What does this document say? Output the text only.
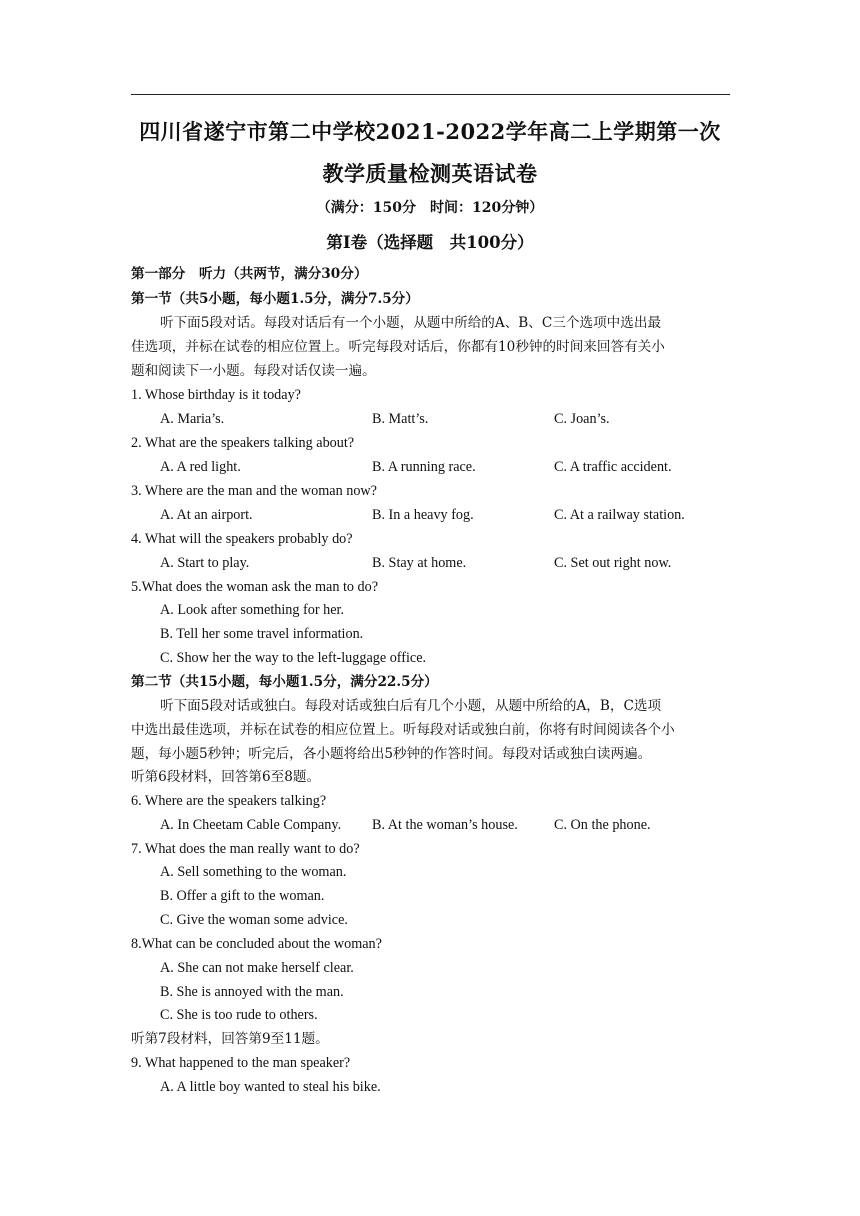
四川省遂宁市第二中学校2021-2022学年高二上学期第一次
教学质量检测英语试卷
（满分：150分　时间：120分钟）
第Ⅰ卷（选择题　共100分）
第一部分　听力（共两节，满分30分）
第一节（共5小题，每小题1.5分，满分7.5分）
听下面5段对话。每段对话后有一个小题，从题中所给的A、B、C三个选项中选出最
佳选项，并标在试卷的相应位置上。听完每段对话后，你都有10秒钟的时间来回答有关小
题和阅读下一小题。每段对话仅读一遍。
1. Whose birthday is it today?
A. Maria’s.	B. Matt’s.	C. Joan’s.
2. What are the speakers talking about?
A. A red light.	B. A running race.	C. A traffic accident.
3. Where are the man and the woman now?
A. At an airport.	B. In a heavy fog.	C. At a railway station.
4. What will the speakers probably do?
A. Start to play.	B. Stay at home.	C. Set out right now.
5.What does the woman ask the man to do?
A. Look after something for her.
B. Tell her some travel information.
C. Show her the way to the left-luggage office.
第二节（共15小题，每小题1.5分，满分22.5分）
听下面5段对话或独白。每段对话或独白后有几个小题，从题中所给的A，B，C选项
中选出最佳选项，并标在试卷的相应位置上。听每段对话或独白前，你将有时间阅读各个小
题，每小题5秒钟；听完后，各小题将给出5秒钟的作答时间。每段对话或独白读两遍。
听第6段材料，回答第6至8题。
6. Where are the speakers talking?
A. In Cheetam Cable Company. B. At the woman’s house.	C. On the phone.
7. What does the man really want to do?
A. Sell something to the woman.
B. Offer a gift to the woman.
C. Give the woman some advice.
8.What can be concluded about the woman?
A. She can not make herself clear.
B. She is annoyed with the man.
C. She is too rude to others.
听第7段材料，回答第9至11题。
9. What happened to the man speaker?
A. A little boy wanted to steal his bike.
